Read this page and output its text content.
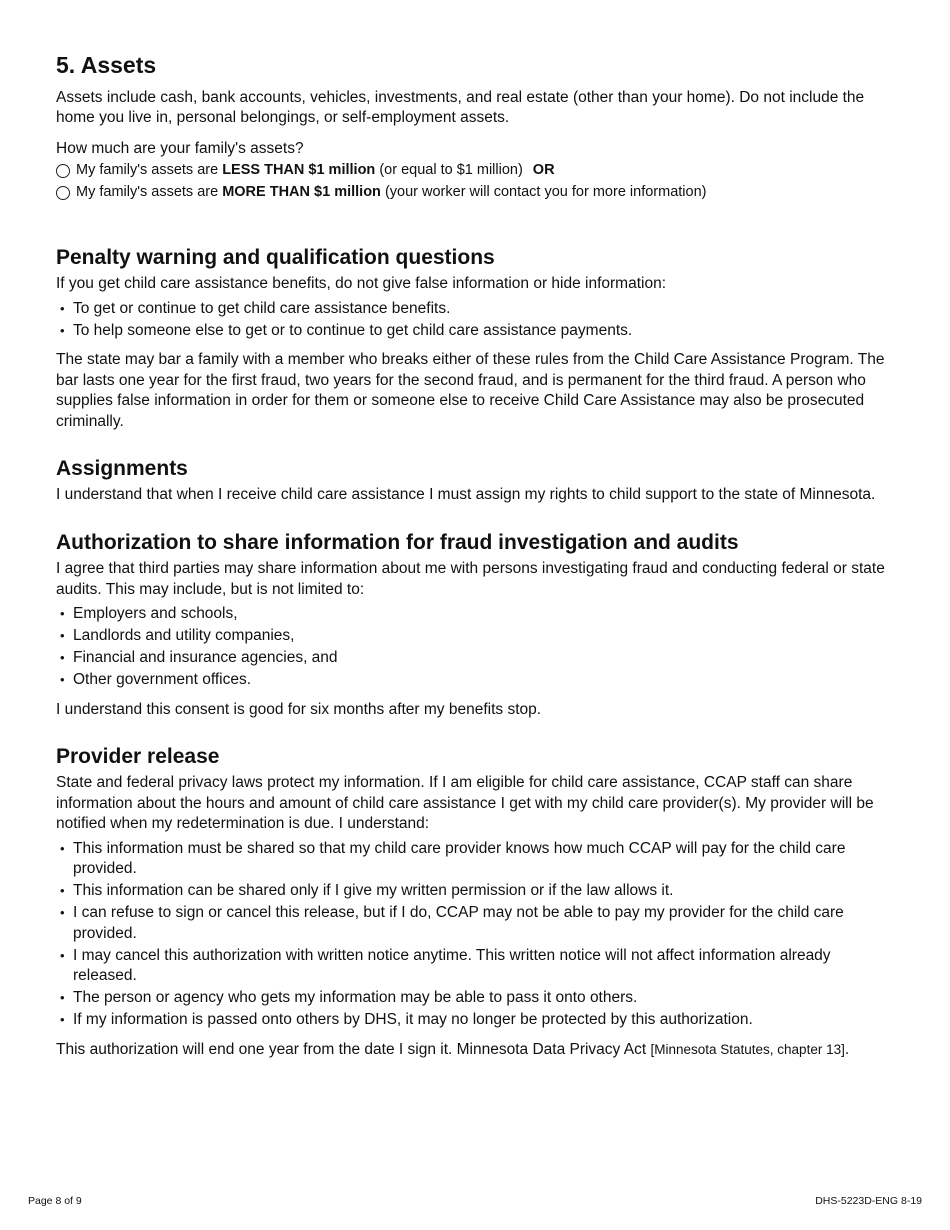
5. Assets

Assets include cash, bank accounts, vehicles, investments, and real estate (other than your home). Do not include the home you live in, personal belongings, or self-employment assets.

How much are your family's assets?

My family's assets are LESS THAN $1 million (or equal to $1 million) OR
My family's assets are MORE THAN $1 million (your worker will contact you for more information)
Penalty warning and qualification questions

If you get child care assistance benefits, do not give false information or hide information:

• To get or continue to get child care assistance benefits.
• To help someone else to get or to continue to get child care assistance payments.

The state may bar a family with a member who breaks either of these rules from the Child Care Assistance Program. The bar lasts one year for the first fraud, two years for the second fraud, and is permanent for the third fraud. A person who supplies false information in order for them or someone else to receive Child Care Assistance may also be prosecuted criminally.

Assignments

I understand that when I receive child care assistance I must assign my rights to child support to the state of Minnesota.

Authorization to share information for fraud investigation and audits

I agree that third parties may share information about me with persons investigating fraud and conducting federal or state audits. This may include, but is not limited to:

• Employers and schools,
• Landlords and utility companies,
• Financial and insurance agencies, and
• Other government offices.

I understand this consent is good for six months after my benefits stop.

Provider release

State and federal privacy laws protect my information. If I am eligible for child care assistance, CCAP staff can share information about the hours and amount of child care assistance I get with my child care provider(s). My provider will be notified when my redetermination is due. I understand:

• This information must be shared so that my child care provider knows how much CCAP will pay for the child care provided.
• This information can be shared only if I give my written permission or if the law allows it.
• I can refuse to sign or cancel this release, but if I do, CCAP may not be able to pay my provider for the child care provided.
• I may cancel this authorization with written notice anytime. This written notice will not affect information already released.
• The person or agency who gets my information may be able to pass it onto others.
• If my information is passed onto others by DHS, it may no longer be protected by this authorization.

This authorization will end one year from the date I sign it. Minnesota Data Privacy Act [Minnesota Statutes, chapter 13].

Page 8 of 9	DHS-5223D-ENG 8-19
